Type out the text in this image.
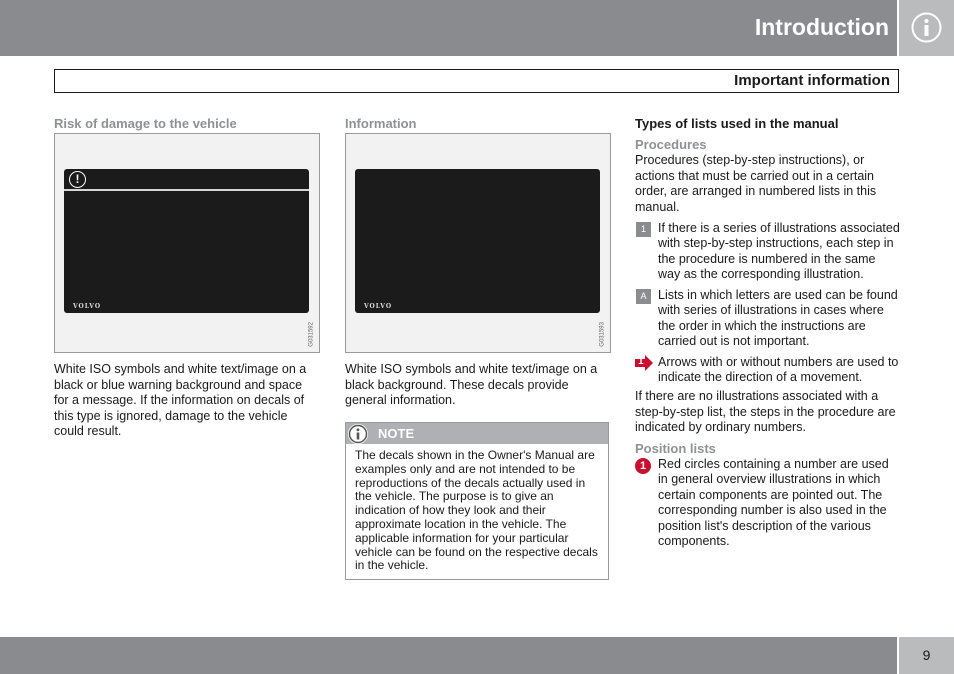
Introduction
Important information
Risk of damage to the vehicle
!
VOLVO
G031592
White ISO symbols and white text/image on a black or blue warning background and space for a message. If the information on decals of this type is ignored, damage to the vehicle could result.
Information
VOLVO
G031593
White ISO symbols and white text/image on a black background. These decals provide general information.
NOTE
The decals shown in the Owner's Manual are examples only and are not intended to be reproductions of the decals actually used in the vehicle. The purpose is to give an indication of how they look and their approximate location in the vehicle. The applicable information for your particular vehicle can be found on the respective decals in the vehicle.
Types of lists used in the manual
Procedures
Procedures (step-by-step instructions), or actions that must be carried out in a certain order, are arranged in numbered lists in this manual.
1 If there is a series of illustrations associated with step-by-step instructions, each step in the procedure is numbered in the same way as the corresponding illustration.
A Lists in which letters are used can be found with series of illustrations in cases where the order in which the instructions are carried out is not important.
1 Arrows with or without numbers are used to indicate the direction of a movement.
If there are no illustrations associated with a step-by-step list, the steps in the procedure are indicated by ordinary numbers.
Position lists
1 Red circles containing a number are used in general overview illustrations in which certain components are pointed out. The corresponding number is also used in the position list's description of the various components.
9
